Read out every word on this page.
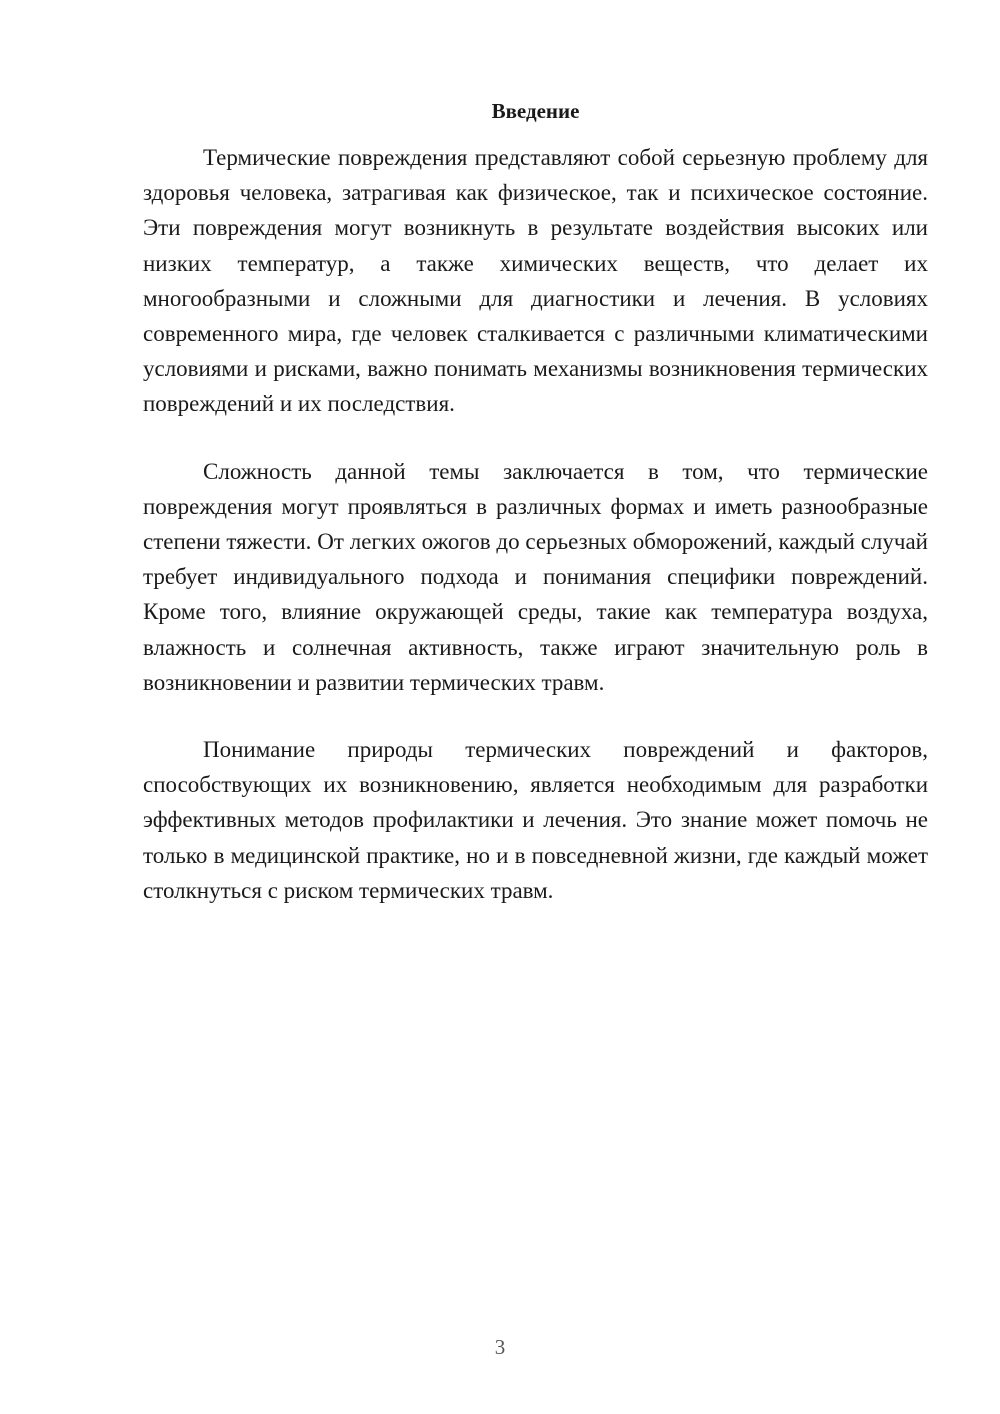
Введение

Термические повреждения представляют собой серьезную проблему для здоровья человека, затрагивая как физическое, так и психическое состояние. Эти повреждения могут возникнуть в результате воздействия высоких или низких температур, а также химических веществ, что делает их многообразными и сложными для диагностики и лечения. В условиях современного мира, где человек сталкивается с различными климатическими условиями и рисками, важно понимать механизмы возникновения термических повреждений и их последствия.

Сложность данной темы заключается в том, что термические повреждения могут проявляться в различных формах и иметь разнообразные степени тяжести. От легких ожогов до серьезных обморожений, каждый случай требует индивидуального подхода и понимания специфики повреждений. Кроме того, влияние окружающей среды, такие как температура воздуха, влажность и солнечная активность, также играют значительную роль в возникновении и развитии термических травм.

Понимание природы термических повреждений и факторов, способствующих их возникновению, является необходимым для разработки эффективных методов профилактики и лечения. Это знание может помочь не только в медицинской практике, но и в повседневной жизни, где каждый может столкнуться с риском термических травм.

3
